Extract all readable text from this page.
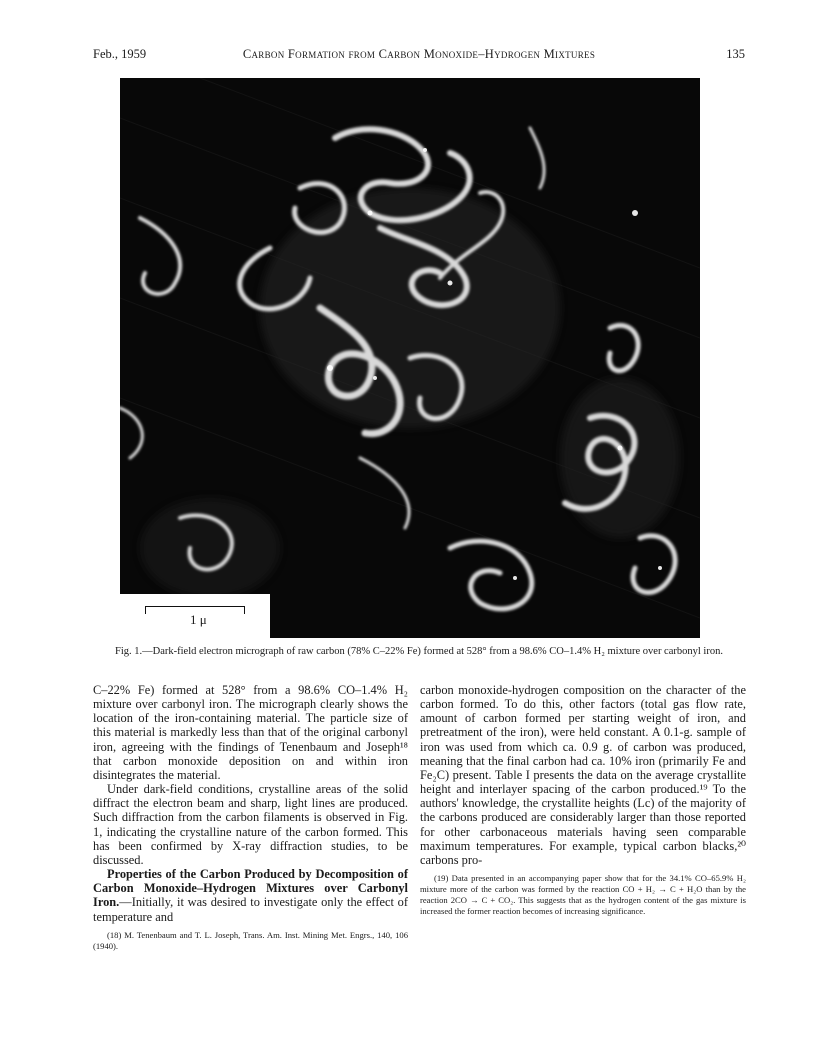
Feb., 1959	Carbon Formation from Carbon Monoxide–Hydrogen Mixtures	135
1 μ
Fig. 1.—Dark-field electron micrograph of raw carbon (78% C–22% Fe) formed at 528° from a 98.6% CO–1.4% H₂ mixture over carbonyl iron.

C–22% Fe) formed at 528° from a 98.6% CO–1.4% H₂ mixture over carbonyl iron. The micrograph clearly shows the location of the iron-containing material. The particle size of this material is markedly less than that of the original carbonyl iron, agreeing with the findings of Tenenbaum and Joseph¹⁸ that carbon monoxide deposition on and within iron disintegrates the material.

Under dark-field conditions, crystalline areas of the solid diffract the electron beam and sharp, light lines are produced. Such diffraction from the carbon filaments is observed in Fig. 1, indicating the crystalline nature of the carbon formed. This has been confirmed by X-ray diffraction studies, to be discussed.

Properties of the Carbon Produced by Decomposition of Carbon Monoxide–Hydrogen Mixtures over Carbonyl Iron.—Initially, it was desired to investigate only the effect of temperature and

(18) M. Tenenbaum and T. L. Joseph, Trans. Am. Inst. Mining Met. Engrs., 140, 106 (1940).

carbon monoxide-hydrogen composition on the character of the carbon formed. To do this, other factors (total gas flow rate, amount of carbon formed per starting weight of iron, and pretreatment of the iron), were held constant. A 0.1-g. sample of iron was used from which ca. 0.9 g. of carbon was produced, meaning that the final carbon had ca. 10% iron (primarily Fe and Fe₂C) present. Table I presents the data on the average crystallite height and interlayer spacing of the carbon produced.¹⁹ To the authors' knowledge, the crystallite heights (Lc) of the majority of the carbons produced are considerably larger than those reported for other carbonaceous materials having seen comparable maximum temperatures. For example, typical carbon blacks,²⁰ carbons pro-

(19) Data presented in an accompanying paper show that for the 34.1% CO–65.9% H₂ mixture more of the carbon was formed by the reaction CO + H₂ → C + H₂O than by the reaction 2CO → C + CO₂. This suggests that as the hydrogen content of the gas mixture is increased the former reaction becomes of increasing significance.
